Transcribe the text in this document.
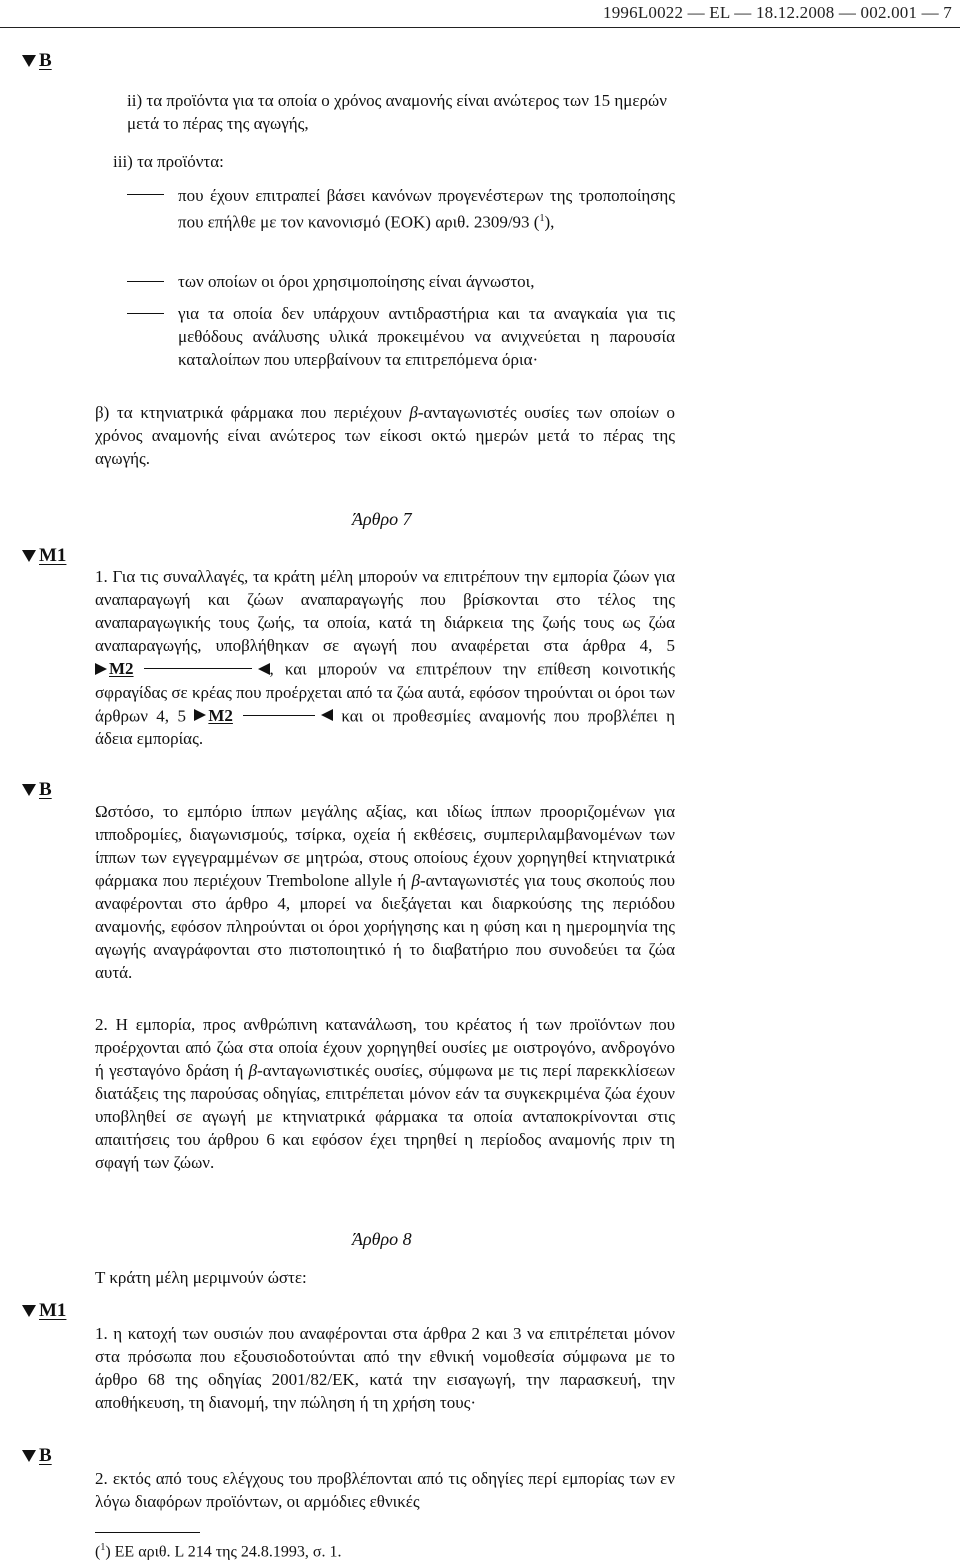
1996L0022 — EL — 18.12.2008 — 002.001 — 7
B
ii) τα προϊόντα για τα οποία ο χρόνος αναμονής είναι ανώτερος των 15 ημερών μετά το πέρας της αγωγής,
iii) τα προϊόντα:
που έχουν επιτραπεί βάσει κανόνων προγενέστερων της τροποποίησης που επήλθε με τον κανονισμό (ΕΟΚ) αριθ. 2309/93 ($^1$),
των οποίων οι όροι χρησιμοποίησης είναι άγνωστοι,
για τα οποία δεν υπάρχουν αντιδραστήρια και τα αναγκαία για τις μεθόδους ανάλυσης υλικά προκειμένου να ανιχνεύεται η παρουσία καταλοίπων που υπερβαίνουν τα επιτρεπόμενα όρια·
β) τα κτηνιατρικά φάρμακα που περιέχουν β-ανταγωνιστές ουσίες των οποίων ο χρόνος αναμονής είναι ανώτερος των είκοσι οκτώ ημερών μετά το πέρας της αγωγής.
Άρθρο 7
M1
1. Για τις συναλλαγές, τα κράτη μέλη μπορούν να επιτρέπουν την εμπορία ζώων για αναπαραγωγή και ζώων αναπαραγωγής που βρίσκονται στο τέλος της αναπαραγωγικής τους ζωής, τα οποία, κατά τη διάρκεια της ζωής τους ως ζώα αναπαραγωγής, υποβλήθηκαν σε αγωγή που αναφέρεται στα άρθρα 4, 5
M2	, και μπορούν να επιτρέπουν την επίθεση κοινοτικής σφραγίδας σε κρέας που προέρχεται από τα ζώα αυτά, εφόσον τηρούνται οι όροι των άρθρων 4, 5 M2	και οι προθεσμίες αναμονής που προβλέπει η άδεια εμπορίας.
B
Ωστόσο, το εμπόριο ίππων μεγάλης αξίας, και ιδίως ίππων προοριζομένων για ιπποδρομίες, διαγωνισμούς, τσίρκα, οχεία ή εκθέσεις, συμπεριλαμβανομένων των ίππων των εγγεγραμμένων σε μητρώα, στους οποίους έχουν χορηγηθεί κτηνιατρικά φάρμακα που περιέχουν Trembolone allyle ή β-ανταγωνιστές για τους σκοπούς που αναφέρονται στο άρθρο 4, μπορεί να διεξάγεται και διαρκούσης της περιόδου αναμονής, εφόσον πληρούνται οι όροι χορήγησης και η φύση και η ημερομηνία της αγωγής αναγράφονται στο πιστοποιητικό ή το διαβατήριο που συνοδεύει τα ζώα αυτά.
2. Η εμπορία, προς ανθρώπινη κατανάλωση, του κρέατος ή των προϊόντων που προέρχονται από ζώα στα οποία έχουν χορηγηθεί ουσίες με οιστρογόνο, ανδρογόνο ή γεσταγόνο δράση ή β-ανταγωνιστικές ουσίες, σύμφωνα με τις περί παρεκκλίσεων διατάξεις της παρούσας οδηγίας, επιτρέπεται μόνον εάν τα συγκεκριμένα ζώα έχουν υποβληθεί σε αγωγή με κτηνιατρικά φάρμακα τα οποία ανταποκρίνονται στις απαιτήσεις του άρθρου 6 και εφόσον έχει τηρηθεί η περίοδος αναμονής πριν τη σφαγή των ζώων.
Άρθρο 8
Τ κράτη μέλη μεριμνούν ώστε:
M1
1. η κατοχή των ουσιών που αναφέρονται στα άρθρα 2 και 3 να επιτρέπεται μόνον στα πρόσωπα που εξουσιοδοτούνται από την εθνική νομοθεσία σύμφωνα με το άρθρο 68 της οδηγίας 2001/82/ΕΚ, κατά την εισαγωγή, την παρασκευή, την αποθήκευση, τη διανομή, την πώληση ή τη χρήση τους·
B
2. εκτός από τους ελέγχους του προβλέπονται από τις οδηγίες περί εμπορίας των εν λόγω διαφόρων προϊόντων, οι αρμόδιες εθνικές
($^1$) ΕΕ αριθ. L 214 της 24.8.1993, σ. 1.
